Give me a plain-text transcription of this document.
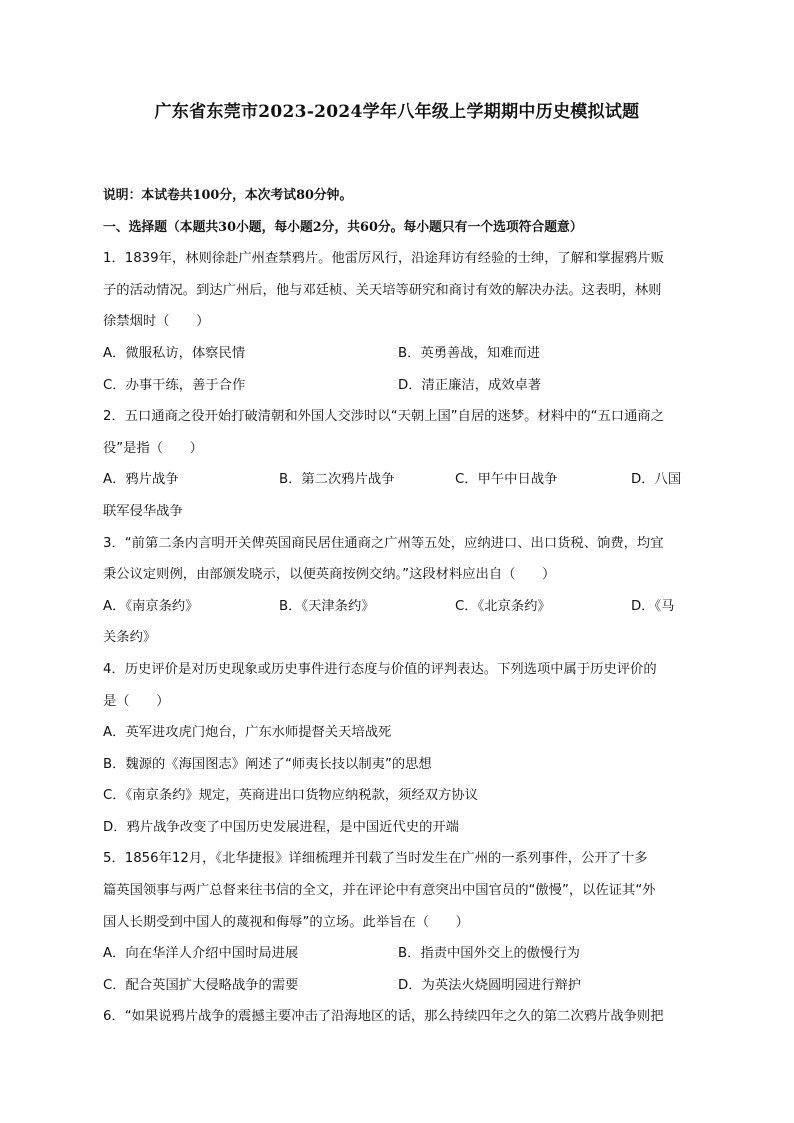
广东省东莞市2023-2024学年八年级上学期期中历史模拟试题
说明：本试卷共100分，本次考试80分钟。
一、选择题（本题共30小题，每小题2分，共60分。每小题只有一个选项符合题意）
1．1839年，林则徐赴广州查禁鸦片。他雷厉风行，沿途拜访有经验的士绅，了解和掌握鸦片贩
子的活动情况。到达广州后，他与邓廷桢、关天培等研究和商讨有效的解决办法。这表明，林则
徐禁烟时（　　）
A．微服私访，体察民情	B．英勇善战，知难而进
C．办事干练，善于合作	D．清正廉洁，成效卓著
2．五口通商之役开始打破清朝和外国人交涉时以“天朝上国”自居的迷梦。材料中的“五口通商之
役”是指（　　）
A．鸦片战争	B．第二次鸦片战争	C．甲午中日战争	D．八国
联军侵华战争
3．“前第二条内言明开关俾英国商民居住通商之广州等五处，应纳进口、出口货税、饷费，均宜
秉公议定则例，由部颁发晓示，以便英商按例交纳。”这段材料应出自（　　）
A．《南京条约》	B．《天津条约》	C．《北京条约》	D．《马
关条约》
4．历史评价是对历史现象或历史事件进行态度与价值的评判表达。下列选项中属于历史评价的
是（　　）
A．英军进攻虎门炮台，广东水师提督关天培战死
B．魏源的《海国图志》阐述了“师夷长技以制夷”的思想
C．《南京条约》规定，英商进出口货物应纳税款，须经双方协议
D．鸦片战争改变了中国历史发展进程，是中国近代史的开端
5．1856年12月，《北华捷报》详细梳理并刊载了当时发生在广州的一系列事件，公开了十多
篇英国领事与两广总督来往书信的全文，并在评论中有意突出中国官员的“傲慢”，以佐证其“外
国人长期受到中国人的蔑视和侮辱”的立场。此举旨在（　　）
A．向在华洋人介绍中国时局进展	B．指责中国外交上的傲慢行为
C．配合英国扩大侵略战争的需要	D．为英法火烧圆明园进行辩护
6．“如果说鸦片战争的震撼主要冲击了沿海地区的话，那么持续四年之久的第二次鸦片战争则把
